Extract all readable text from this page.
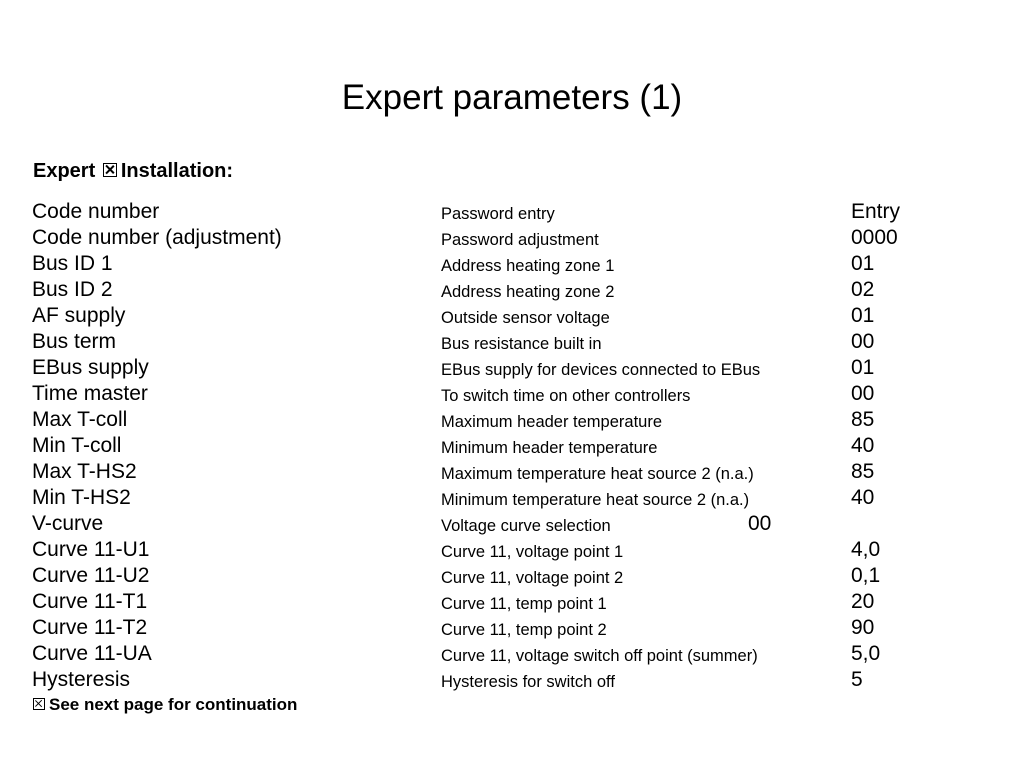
Expert parameters (1)
Expert Installation:
Code number	Password entry	Entry
Code number (adjustment)	Password adjustment	0000
Bus ID 1	Address heating zone 1	01
Bus ID 2	Address heating zone 2	02
AF supply	Outside sensor voltage	01
Bus term	Bus resistance built in	00
EBus supply	EBus supply for devices connected to EBus	01
Time master	To switch time on other controllers	00
Max T-coll	Maximum header temperature	85
Min T-coll	Minimum header temperature	40
Max T-HS2	Maximum temperature heat source 2 (n.a.)	85
Min T-HS2	Minimum temperature heat source 2 (n.a.)	40
V-curve	Voltage curve selection	00
Curve 11-U1	Curve 11, voltage point 1	4,0
Curve 11-U2	Curve 11, voltage point 2	0,1
Curve 11-T1	Curve 11, temp point 1	20
Curve 11-T2	Curve 11, temp point 2	90
Curve 11-UA	Curve 11, voltage switch off point (summer)	5,0
Hysteresis	Hysteresis for switch off	5
See next page for continuation
